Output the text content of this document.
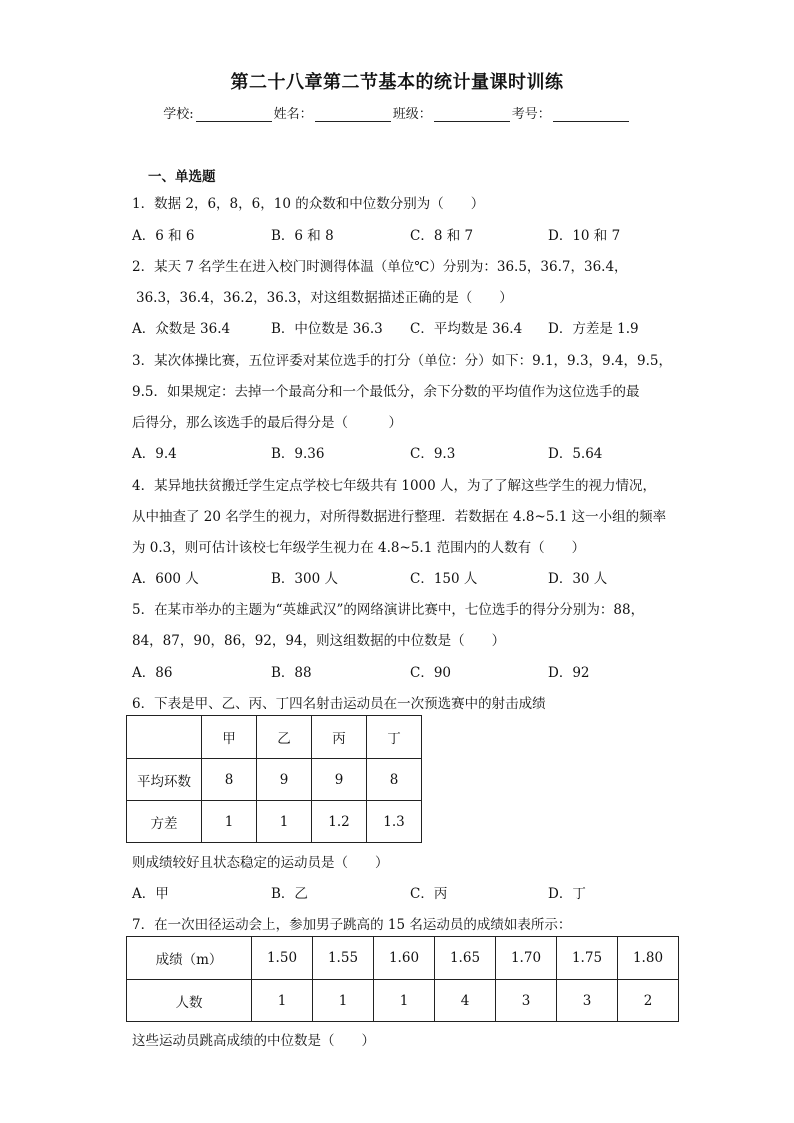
第二十八章第二节基本的统计量课时训练
学校:	姓名：	班级：	考号：
一、单选题
1．数据 2，6，8，6，10 的众数和中位数分别为（　　）
A．6 和 6	B．6 和 8	C．8 和 7	D．10 和 7
2．某天 7 名学生在进入校门时测得体温（单位℃）分别为：36.5，36.7，36.4，
36.3，36.4，36.2，36.3，对这组数据描述正确的是（　　）
A．众数是 36.4	B．中位数是 36.3 C．平均数是 36.4 D．方差是 1.9
3．某次体操比赛，五位评委对某位选手的打分（单位：分）如下：9.1，9.3，9.4，9.5，
9.5．如果规定：去掉一个最高分和一个最低分，余下分数的平均值作为这位选手的最
后得分，那么该选手的最后得分是（　　　）
A．9.4	B．9.36	C．9.3	D．5.64
4．某异地扶贫搬迁学生定点学校七年级共有 1000 人，为了了解这些学生的视力情况，
从中抽查了 20 名学生的视力，对所得数据进行整理．若数据在 4.8~5.1 这一小组的频率
为 0.3，则可估计该校七年级学生视力在 4.8~5.1 范围内的人数有（　　）
A．600 人	B．300 人	C．150 人	D．30 人
5．在某市举办的主题为“英雄武汉”的网络演讲比赛中，七位选手的得分分别为：88，
84，87，90，86，92，94，则这组数据的中位数是（　　）
A．86	B．88	C．90	D．92
6．下表是甲、乙、丙、丁四名射击运动员在一次预选赛中的射击成绩
	甲	乙	丙	丁
平均环数	8	9	9	8
方差	1	1	1.2	1.3
则成绩较好且状态稳定的运动员是（　　）
A．甲	B．乙	C．丙	D．丁
7．在一次田径运动会上，参加男子跳高的 15 名运动员的成绩如表所示：
成绩（m）	1.50	1.55	1.60	1.65	1.70	1.75	1.80
人数	1	1	1	4	3	3	2
这些运动员跳高成绩的中位数是（　　）
